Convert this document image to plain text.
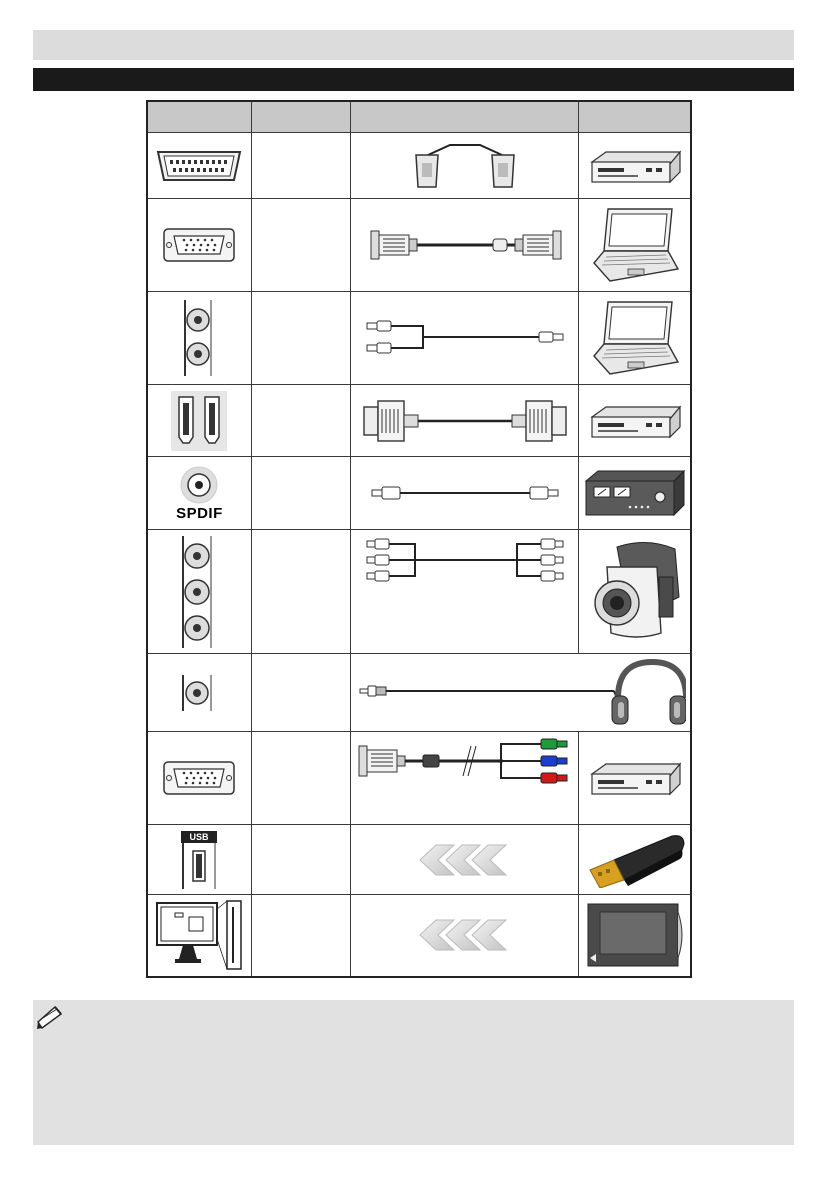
SPDIF

USB
